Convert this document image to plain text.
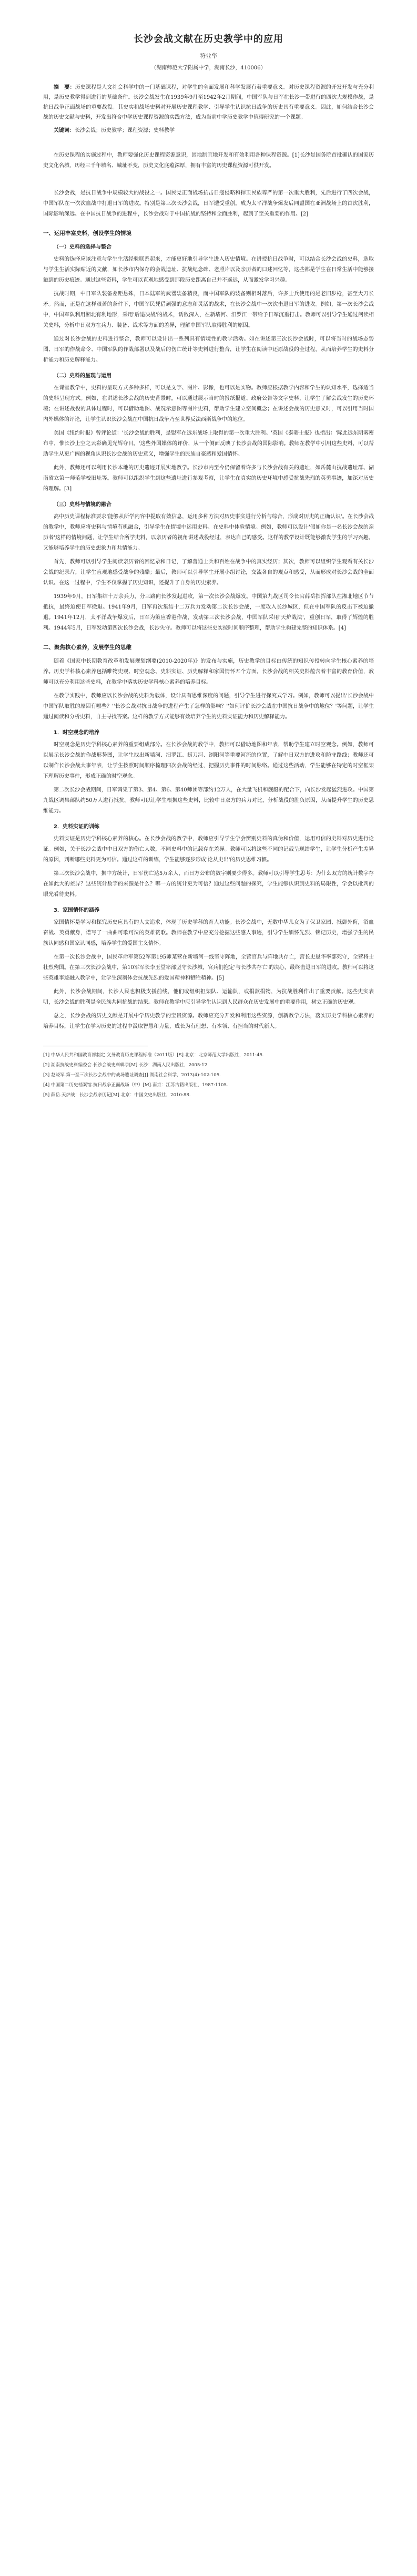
长沙会战文献在历史教学中的应用
符业华
（湖南师范大学附属中学，湖南长沙，410006）
摘　要：历史课程是人文社会科学中的一门基础课程，对学生的全面发展和科学发展有着重要意义。对历史课程资源的开发开发与充分利用，是历史教学得到进行的基础条件。长沙会战发生在1939年9月至1942年2月期间，中国军队与日军在长沙一带进行的四次大规模作战，是抗日战争正面战场的重要战役。其史实和战场史料对开展历史课程教学、引导学生认识抗日战争的历史具有重要意义。因此，如何结合长沙会战的历史文献与史料，开发出符合中学历史课程资源的实践方法，成为当前中学历史教学中值得研究的一个课题。
关键词：长沙会战；历史教学；课程资源；史料教学
在历史课程的实施过程中，教师要强化历史课程资源意识，因地制宜地开发和有效利用各种课程资源。[1]长沙是国务院首批确认的国家历史文化名城，历经三千年城名、城址不变，历史文化底蕴深厚，拥有丰富的历史课程资源可供开发。
长沙会战，是抗日战争中规模较大的战役之一。国民党正面战场抗击日寇侵略和捍卫民族尊严的第一次重大胜利，先后进行了四次会战，中国军队在一次次血战中打退日军的进攻。特别是第三次长沙会战，日军遭受重创，成为太平洋战争爆发后同盟国在亚洲战场上的首次胜利，国际影响深远。在中国抗日战争的进程中，长沙会战对于中国抗战的坚持和全面胜利，起到了至关重要的作用。[2]
一、运用丰富史料，创设学生的情境
（一）史料的选择与整合
史料的选择应该注意与学生生活经验联系起来，才能更好地引导学生进入历史情境。在讲授抗日战争时，可以结合长沙会战的史料，选取与学生生活实际贴近的文献，如长沙市内保存的会战遗址、抗战纪念碑、老照片以及亲历者的口述回忆等，这些都是学生在日常生活中能够接触到的历史痕迹。通过这些资料，学生可以直观地感受到那段历史距离自己并不遥远，从而激发学习兴趣。
抗战时期，中日军队装备差距悬殊，日本陆军的武器装备精良，而中国军队的装备则相对落后，许多士兵使用的是老旧步枪，甚至大刀长矛。然而，正是在这样艰苦的条件下，中国军民凭借顽强的意志和灵活的战术，在长沙会战中一次次击退日军的进攻。例如，第一次长沙会战中，中国军队利用湘北有利地形，采用'后退决战'的战术，诱敌深入，在新墙河、汨罗江一带给予日军沉重打击。教师可以引导学生通过阅读相关史料，分析中日双方在兵力、装备、战术等方面的差异，理解中国军队取得胜利的原因。
通过对长沙会战的史料进行整合，教师可以设计出一系列具有情境性的教学活动。如在讲述第三次长沙会战时，可以将当时的战场态势图、日军的作战命令、中国军队的作战部署以及战后的伤亡统计等史料进行整合，让学生在阅读中还原战役的全过程，从而培养学生的史料分析能力和历史解释能力。
（二）史料的呈现与运用
在课堂教学中，史料的呈现方式多种多样，可以是文字、图片、影像，也可以是实物。教师应根据教学内容和学生的认知水平，选择适当的史料呈现方式。例如，在讲述长沙会战的历史背景时，可以通过展示当时的报纸报道、政府公告等文字史料，让学生了解会战发生的历史环境；在讲述战役的具体过程时，可以借助地图、战况示意图等图片史料，帮助学生建立空间概念；在讲述会战的历史意义时，可以引用当时国内外媒体的评论，让学生认识长沙会战在中国抗日战争乃至世界反法西斯战争中的地位。
美国《纽约时报》曾评论道：'长沙会战的胜利，是盟军在远东战场上取得的第一次重大胜利。'英国《泰晤士报》也指出：'际此远东阴雾密布中，惟长沙上空之云彩确见光辉夺目。'这些外国媒体的评价，从一个侧面反映了长沙会战的国际影响。教师在教学中引用这些史料，可以帮助学生从更广阔的视角认识长沙会战的历史意义，增强学生的民族自豪感和爱国情怀。
此外，教师还可以利用长沙本地的历史遗迹开展实地教学。长沙市内至今仍保留着许多与长沙会战有关的遗址，如岳麓山抗战遗址群、湖南省立第一师范学校旧址等。教师可以组织学生到这些遗址进行参观考察，让学生在真实的历史环境中感受抗战先烈的英勇事迹，加深对历史的理解。[3]
（三）史料与情境的融合
高中历史课程标准要求'能够从所学内容中提取有效信息，运用多种方法对历史事实进行分析与综合，形成对历史的正确认识'。在长沙会战的教学中，教师应将史料与情境有机融合，引导学生在情境中运用史料、在史料中体验情境。例如，教师可以设计'假如你是一名长沙会战的亲历者'这样的情境问题，让学生结合所学史料，以亲历者的视角讲述战役经过，表达自己的感受。这样的教学设计既能够激发学生的学习兴趣，又能够培养学生的历史想象力和共情能力。
首先，教师可以引导学生阅读亲历者的回忆录和日记，了解普通士兵和百姓在战争中的真实经历；其次，教师可以组织学生观看有关长沙会战的纪录片，让学生直观地感受战争的残酷；最后，教师可以引导学生开展小组讨论，交流各自的观点和感受，从而形成对长沙会战的全面认识。在这一过程中，学生不仅掌握了历史知识，还提升了自身的历史素养。
1939年9月，日军集结十万余兵力，分三路向长沙发起进攻，第一次长沙会战爆发。中国第九战区司令长官薛岳指挥部队在湘北地区节节抵抗，最终迫使日军撤退。1941年9月，日军再次集结十二万兵力发动第二次长沙会战，一度攻入长沙城区，但在中国军队的反击下被迫撤退。1941年12月，太平洋战争爆发后，日军为策应香港作战，发动第三次长沙会战，中国军队采用'天炉战法'，重创日军，取得了辉煌的胜利。1944年5月，日军发动第四次长沙会战，长沙失守。教师可以将这些史实按时间顺序整理，帮助学生构建完整的知识体系。[4]
二、聚焦核心素养，发展学生的思维
随着《国家中长期教育改革和发展规划纲要(2010-2020年)》的发布与实施，历史教学的目标由传统的知识传授转向学生核心素养的培养。历史学科核心素养包括唯物史观、时空观念、史料实证、历史解释和家国情怀五个方面。长沙会战的相关史料蕴含着丰富的教育价值，教师可以充分利用这些史料，在教学中落实历史学科核心素养的培养目标。
在教学实践中，教师应以长沙会战的史料为载体，设计具有思维深度的问题，引导学生进行探究式学习。例如，教师可以提出'长沙会战中中国军队取胜的原因有哪些？''长沙会战对抗日战争的进程产生了怎样的影响？''如何评价长沙会战在中国抗日战争中的地位？'等问题，让学生通过阅读和分析史料，自主寻找答案。这样的教学方式能够有效培养学生的史料实证能力和历史解释能力。
1．时空观念的培养
时空观念是历史学科核心素养的重要组成部分。在长沙会战的教学中，教师可以借助地图和年表，帮助学生建立时空观念。例如，教师可以展示长沙会战的作战形势图，让学生找出新墙河、汨罗江、捞刀河、浏阳河等重要河流的位置，了解中日双方的进攻和防守路线；教师还可以制作长沙会战大事年表，让学生按照时间顺序梳理四次会战的经过，把握历史事件的时间脉络。通过这些活动，学生能够在特定的时空框架下理解历史事件，形成正确的时空观念。
第二次长沙会战期间，日军调集了第3、第4、第6、第40师团等部约12万人，在大量飞机和舰艇的配合下，向长沙发起猛烈进攻。中国第九战区调集部队约50万人进行抵抗。教师可以让学生根据这些史料，比较中日双方的兵力对比，分析战役的胜负原因，从而提升学生的历史思维能力。
2．史料实证的训练
史料实证是历史学科核心素养的核心。在长沙会战的教学中，教师应引导学生学会辨别史料的真伪和价值，运用可信的史料对历史进行论证。例如，关于长沙会战中中日双方的伤亡人数，不同史料中的记载存在差异。教师可以将这些不同的记载呈现给学生，让学生分析产生差异的原因，判断哪些史料更为可信。通过这样的训练，学生能够逐步形成'论从史出'的历史思维习惯。
第三次长沙会战中，据中方统计，日军伤亡达5万余人，而日方公布的数字则要少得多。教师可以引导学生思考：为什么双方的统计数字存在如此大的差异？这些统计数字的来源是什么？哪一方的统计更为可信？通过这些问题的探究，学生能够认识到史料的局限性，学会以批判的眼光看待史料。
3．家国情怀的涵养
家国情怀是学习和探究历史应具有的人文追求，体现了历史学科的育人功能。长沙会战中，无数中华儿女为了保卫家园、抵御外侮，浴血奋战、英勇献身，谱写了一曲曲可歌可泣的英雄赞歌。教师在教学中应充分挖掘这些感人事迹，引导学生缅怀先烈、铭记历史，增强学生的民族认同感和国家认同感，培养学生的爱国主义情怀。
在第一次长沙会战中，国民革命军第52军第195师某营在新墙河一线坚守阵地，全营官兵与阵地共存亡，营长史恩华率部死守，全营将士壮烈殉国。在第三次长沙会战中，第10军军长李玉堂率部坚守长沙城，官兵们抱定'与长沙共存亡'的决心，最终击退日军的进攻。教师可以将这些英雄事迹融入教学中，让学生深刻体会抗战先烈的爱国精神和牺牲精神。[5]
此外，长沙会战期间，长沙人民也积极支援前线，他们或组织担架队、运输队，或捐款捐物，为抗战胜利作出了重要贡献。这些史实表明，长沙会战的胜利是全民族共同抗战的结果。教师在教学中应引导学生认识到人民群众在历史发展中的重要作用，树立正确的历史观。
总之，长沙会战的历史文献是开展中学历史教学的宝贵资源。教师应充分开发和利用这些资源，创新教学方法，落实历史学科核心素养的培养目标，让学生在学习历史的过程中汲取智慧和力量，成长为有理想、有本领、有担当的时代新人。
[1] 中华人民共和国教育部制定.义务教育历史课程标准（2011版）[S].北京：北京师范大学出版社，2011:45.
[2] 湖南抗战史料编委会.长沙会战史料辑录[M].长沙：湖南人民出版社，2005:12.
[3] 赵晓军.第一至三次长沙会战中的战场遗址调查[J].湖南社会科学，2013(4):102-105.
[4] 中国第二历史档案馆.抗日战争正面战场（中）[M].南京：江苏古籍出版社，1987:1105.
[5] 薛岳.天炉战：长沙会战亲历记[M].北京：中国文史出版社，2010:88.
